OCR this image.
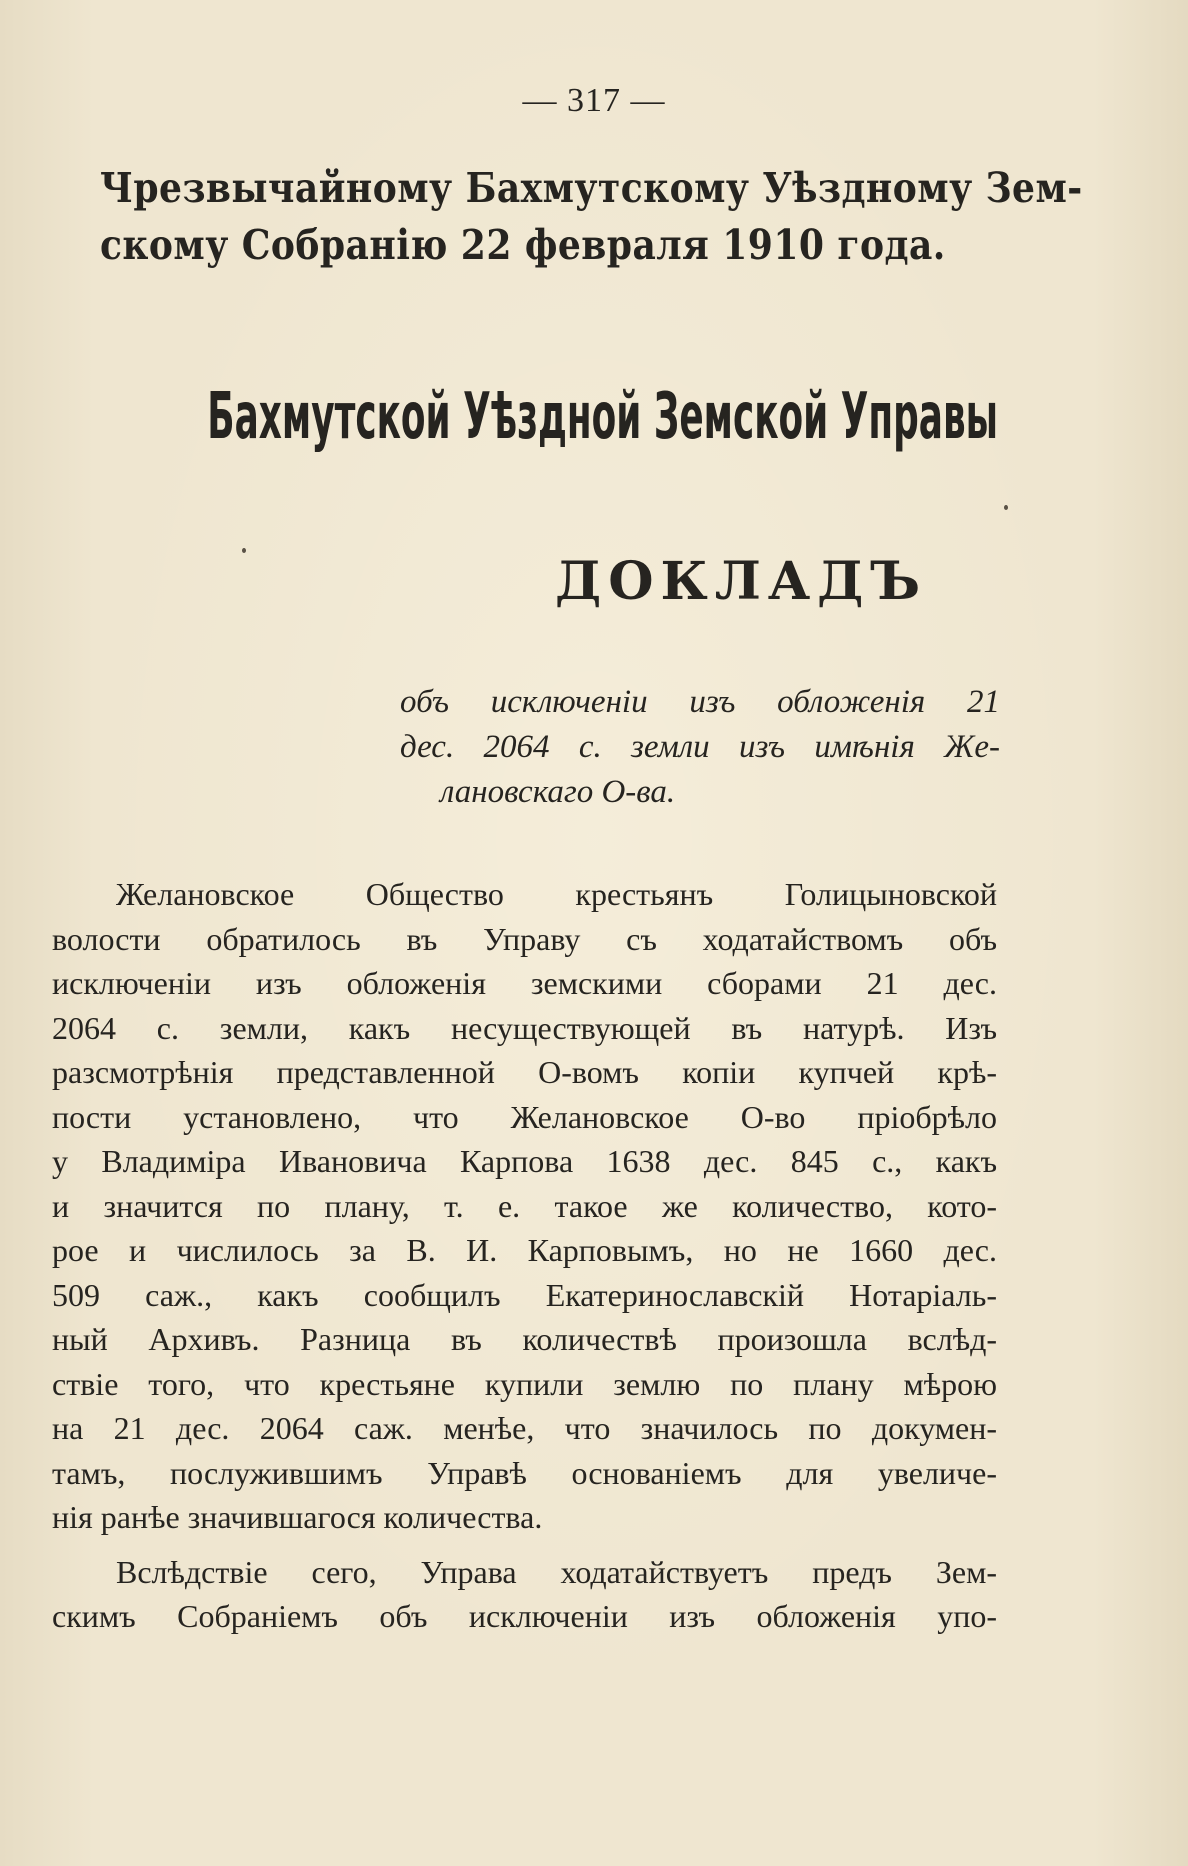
— 317 —
Чрезвычайному Бахмутскому Уѣздному Зем-
скому Собранію 22 февраля 1910 года.
Бахмутской Уѣздной Земской Управы
ДОКЛАДЪ
объ исключеніи изъ обложенія 21
дес. 2064 с. земли изъ имѣнія Же-
лановскаго О-ва.
Желановское Общество крестьянъ Голицыновской
волости обратилось въ Управу съ ходатайствомъ объ
исключеніи изъ обложенія земскими сборами 21 дес.
2064 с. земли, какъ несуществующей въ натурѣ. Изъ
разсмотрѣнія представленной О-вомъ копіи купчей крѣ-
пости установлено, что Желановское О-во пріобрѣло
у Владиміра Ивановича Карпова 1638 дес. 845 с., какъ
и значится по плану, т. е. такое же количество, кото-
рое и числилось за В. И. Карповымъ, но не 1660 дес.
509 саж., какъ сообщилъ Екатеринославскій Нотаріаль-
ный Архивъ. Разница въ количествѣ произошла вслѣд-
ствіе того, что крестьяне купили землю по плану мѣрою
на 21 дес. 2064 саж. менѣе, что значилось по докумен-
тамъ, послужившимъ Управѣ основаніемъ для увеличе-
нія ранѣе значившагося количества.
Вслѣдствіе сего, Управа ходатайствуетъ предъ Зем-
скимъ Собраніемъ объ исключеніи изъ обложенія упо-
